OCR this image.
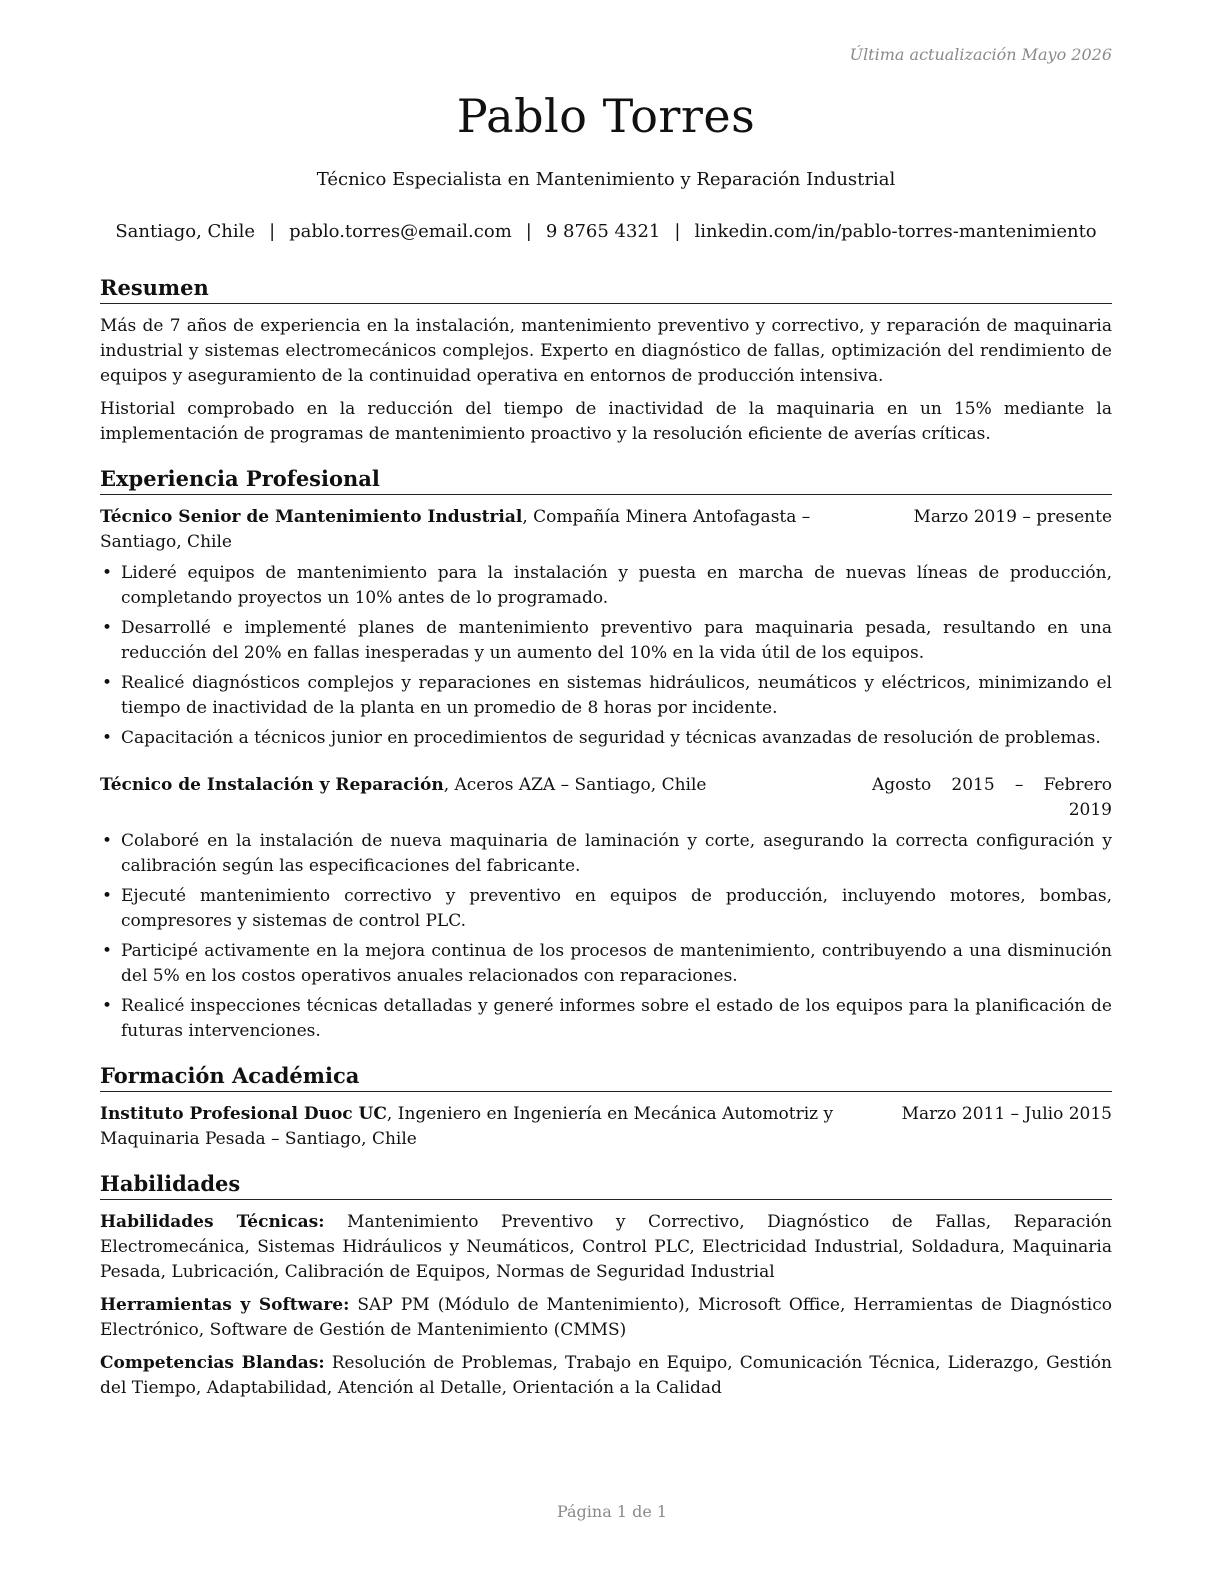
Última actualización Mayo 2026
Pablo Torres
Técnico Especialista en Mantenimiento y Reparación Industrial
Santiago, Chile | pablo.torres@email.com | 9 8765 4321 | linkedin.com/in/pablo-torres-mantenimiento
Resumen

Más de 7 años de experiencia en la instalación, mantenimiento preventivo y correctivo, y reparación de maquinaria industrial y sistemas electromecánicos complejos. Experto en diagnóstico de fallas, optimización del rendimiento de equipos y aseguramiento de la continuidad operativa en entornos de producción intensiva.

Historial comprobado en la reducción del tiempo de inactividad de la maquinaria en un 15% mediante la implementación de programas de mantenimiento proactivo y la resolución eficiente de averías críticas.

Experiencia Profesional
Técnico Senior de Mantenimiento Industrial, Compañía Minera Antofagasta – Santiago, Chile
Marzo 2019 – presente
• Lideré equipos de mantenimiento para la instalación y puesta en marcha de nuevas líneas de producción, completando proyectos un 10% antes de lo programado.
• Desarrollé e implementé planes de mantenimiento preventivo para maquinaria pesada, resultando en una reducción del 20% en fallas inesperadas y un aumento del 10% en la vida útil de los equipos.
• Realicé diagnósticos complejos y reparaciones en sistemas hidráulicos, neumáticos y eléctricos, minimizando el tiempo de inactividad de la planta en un promedio de 8 horas por incidente.
• Capacitación a técnicos junior en procedimientos de seguridad y técnicas avanzadas de resolución de problemas.
Técnico de Instalación y Reparación, Aceros AZA – Santiago, Chile	Agosto 2015 – Febrero 2019
• Colaboré en la instalación de nueva maquinaria de laminación y corte, asegurando la correcta configuración y calibración según las especificaciones del fabricante.
• Ejecuté mantenimiento correctivo y preventivo en equipos de producción, incluyendo motores, bombas, compresores y sistemas de control PLC.
• Participé activamente en la mejora continua de los procesos de mantenimiento, contribuyendo a una disminución del 5% en los costos operativos anuales relacionados con reparaciones.
• Realicé inspecciones técnicas detalladas y generé informes sobre el estado de los equipos para la planificación de futuras intervenciones.
Formación Académica
Instituto Profesional Duoc UC, Ingeniero en Ingeniería en Mecánica Automotriz y Maquinaria Pesada – Santiago, Chile
Marzo 2011 – Julio 2015
Habilidades
Habilidades Técnicas: Mantenimiento Preventivo y Correctivo, Diagnóstico de Fallas, Reparación Electromecánica, Sistemas Hidráulicos y Neumáticos, Control PLC, Electricidad Industrial, Soldadura, Maquinaria Pesada, Lubricación, Calibración de Equipos, Normas de Seguridad Industrial
Herramientas y Software: SAP PM (Módulo de Mantenimiento), Microsoft Office, Herramientas de Diagnóstico Electrónico, Software de Gestión de Mantenimiento (CMMS)
Competencias Blandas: Resolución de Problemas, Trabajo en Equipo, Comunicación Técnica, Liderazgo, Gestión del Tiempo, Adaptabilidad, Atención al Detalle, Orientación a la Calidad
Página 1 de 1
